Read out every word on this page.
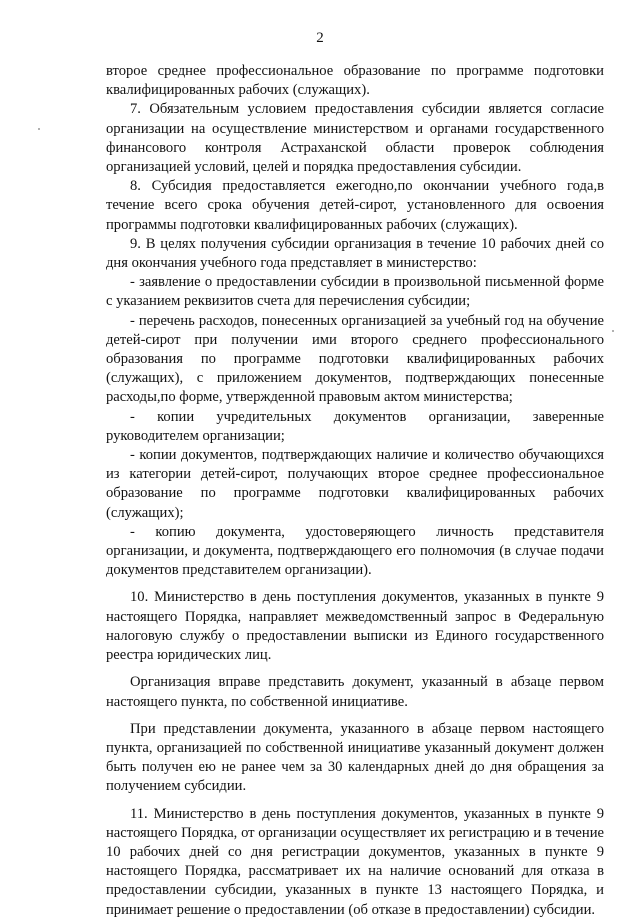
2

второе среднее профессиональное образование по программе подготовки квалифицированных рабочих (служащих).

7. Обязательным условием предоставления субсидии является согласие организации на осуществление министерством и органами государственного финансового контроля Астраханской области проверок соблюдения организацией условий, целей и порядка предоставления субсидии.

8. Субсидия предоставляется ежегодно,по окончании учебного года,в течение всего срока обучения детей-сирот, установленного для освоения программы подготовки квалифицированных рабочих (служащих).

9. В целях получения субсидии организация в течение 10 рабочих дней со дня окончания учебного года представляет в министерство:

- заявление о предоставлении субсидии в произвольной письменной форме с указанием реквизитов счета для перечисления субсидии;

- перечень расходов, понесенных организацией за учебный год на обучение детей-сирот при получении ими второго среднего профессионального образования по программе подготовки квалифицированных рабочих (служащих), с приложением документов, подтверждающих понесенные расходы,по форме, утвержденной правовым актом министерства;

- копии учредительных документов организации, заверенные руководителем организации;

- копии документов, подтверждающих наличие и количество обучающихся из категории детей-сирот, получающих второе среднее профессиональное образование по программе подготовки квалифицированных рабочих (служащих);

- копию документа, удостоверяющего личность представителя организации, и документа, подтверждающего его полномочия (в случае подачи документов представителем организации).

10. Министерство в день поступления документов, указанных в пункте 9 настоящего Порядка, направляет межведомственный запрос в Федеральную налоговую службу о предоставлении выписки из Единого государственного реестра юридических лиц.

Организация вправе представить документ, указанный в абзаце первом настоящего пункта, по собственной инициативе.

При представлении документа, указанного в абзаце первом настоящего пункта, организацией по собственной инициативе указанный документ должен быть получен ею не ранее чем за 30 календарных дней до дня обращения за получением субсидии.

11. Министерство в день поступления документов, указанных в пункте 9 настоящего Порядка, от организации осуществляет их регистрацию и в течение 10 рабочих дней со дня регистрации документов, указанных в пункте 9 настоящего Порядка, рассматривает их на наличие оснований для отказа в предоставлении субсидии, указанных в пункте 13 настоящего Порядка, и принимает решение о предоставлении (об отказе в предоставлении) субсидии.
